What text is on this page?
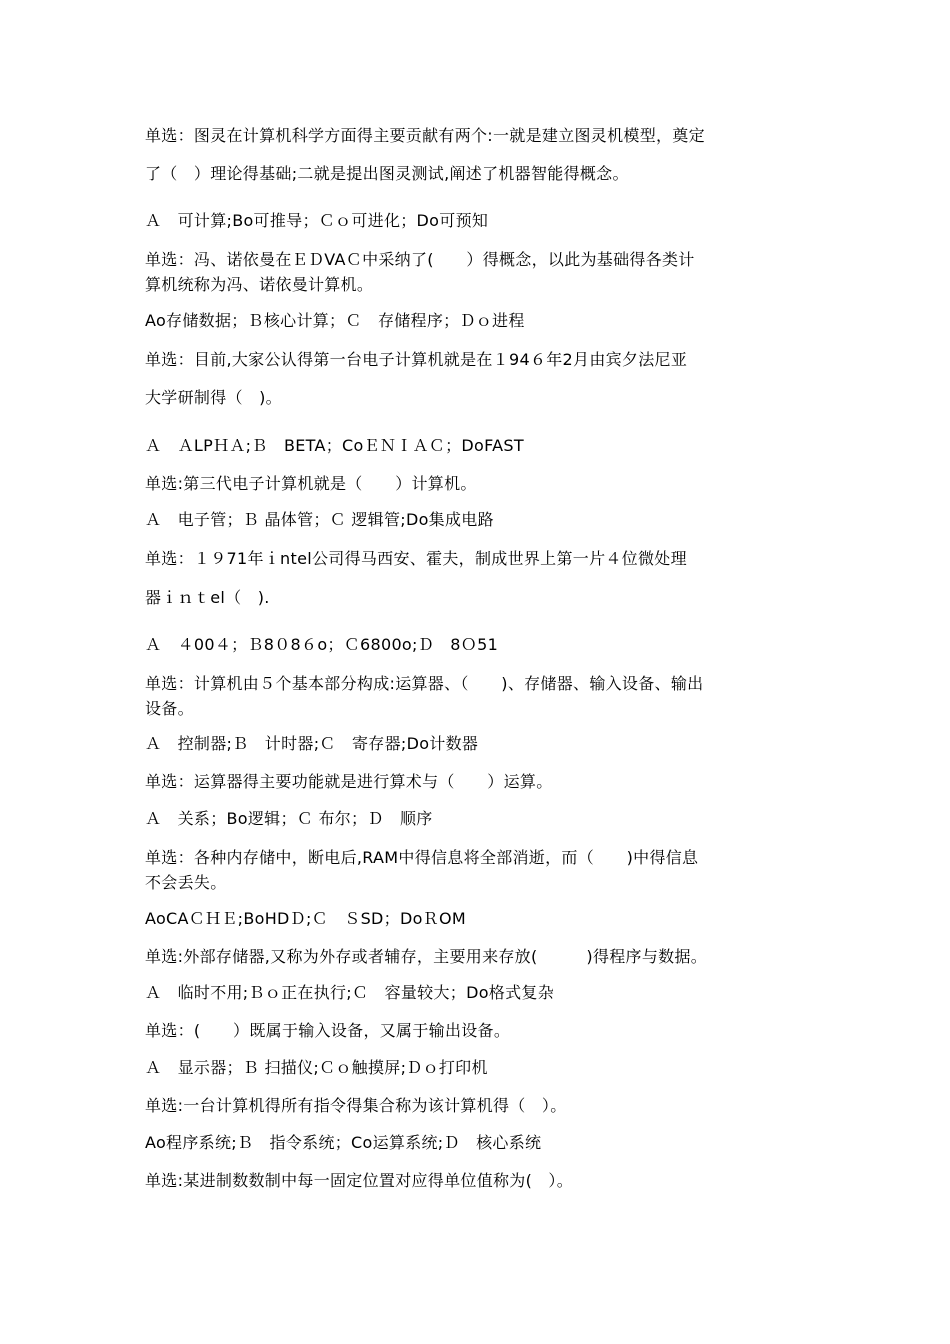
单选：图灵在计算机科学方面得主要贡献有两个:一就是建立图灵机模型，奠定
了（　）理论得基础;二就是提出图灵测试,阐述了机器智能得概念。
Ａ　可计算;Bo可推导；Ｃｏ可进化；Do可预知
单选：冯、诺依曼在ＥＤVAＣ中采纳了(　　）得概念，以此为基础得各类计
算机统称为冯、诺依曼计算机。
Ao存储数据；Ｂ核心计算；Ｃ　存储程序；Ｄｏ进程
单选：目前,大家公认得第一台电子计算机就是在１94６年2月由宾夕法尼亚
大学研制得（　)。
Ａ　ＡLPＨＡ;Ｂ　BETA；CoＥＮＩＡＣ；DoFAST
单选:第三代电子计算机就是（　　）计算机。
Ａ　电子管；Ｂ 晶体管；Ｃ 逻辑管;Do集成电路
单选：１９71年ｉntel公司得马西安、霍夫，制成世界上第一片４位微处理
器ｉｎｔel（　).
Ａ　４00４；Ｂ8０8６o；Ｃ6800o;Ｄ　8Ｏ51
单选：计算机由５个基本部分构成:运算器、（　　)、存储器、输入设备、输出
设备。
Ａ　控制器;Ｂ　计时器;Ｃ　寄存器;Do计数器
单选：运算器得主要功能就是进行算术与（　　）运算。
Ａ　关系；Bo逻辑；Ｃ 布尔；Ｄ　顺序
单选：各种内存储中，断电后,RAM中得信息将全部消逝，而（　　)中得信息
不会丢失。
AoCAＣＨＥ;BoHDＤ;Ｃ　ＳSD；DoＲOM
单选:外部存储器,又称为外存或者辅存，主要用来存放(　　　)得程序与数据。
Ａ　临时不用;Ｂｏ正在执行;Ｃ　容量较大；Do格式复杂
单选：(　　）既属于输入设备，又属于输出设备。
Ａ　显示器；Ｂ 扫描仪;Ｃｏ触摸屏;Ｄｏ打印机
单选:一台计算机得所有指令得集合称为该计算机得（　）。
Ao程序系统;Ｂ　指令系统；Co运算系统;Ｄ　核心系统
单选:某进制数数制中每一固定位置对应得单位值称为(　）。
